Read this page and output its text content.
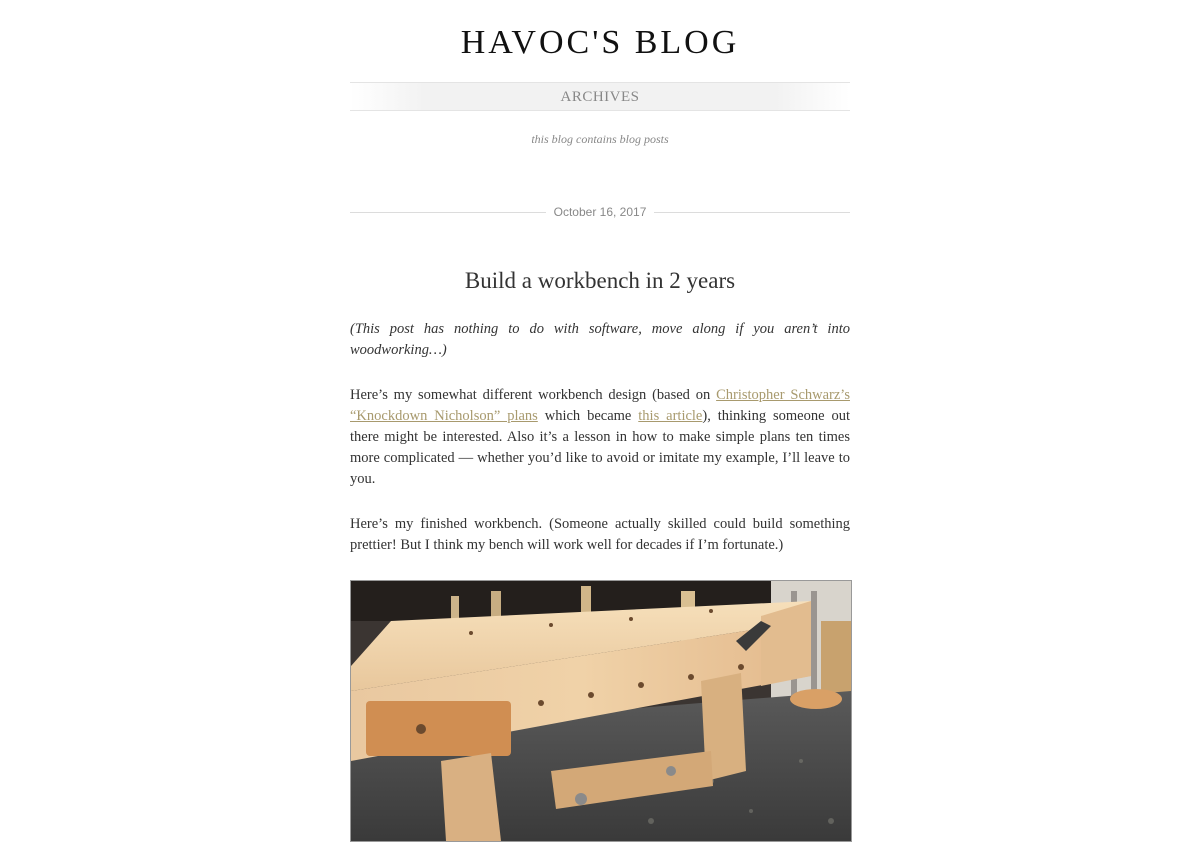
HAVOC'S BLOG
ARCHIVES
this blog contains blog posts
October 16, 2017
Build a workbench in 2 years

(This post has nothing to do with software, move along if you aren’t into woodworking…)

Here’s my somewhat different workbench design (based on Christopher Schwarz’s “Knockdown Nicholson” plans which became this article), thinking someone out there might be interested. Also it’s a lesson in how to make simple plans ten times more complicated — whether you’d like to avoid or imitate my example, I’ll leave to you.

Here’s my finished workbench. (Someone actually skilled could build something prettier! But I think my bench will work well for decades if I’m fortunate.)
